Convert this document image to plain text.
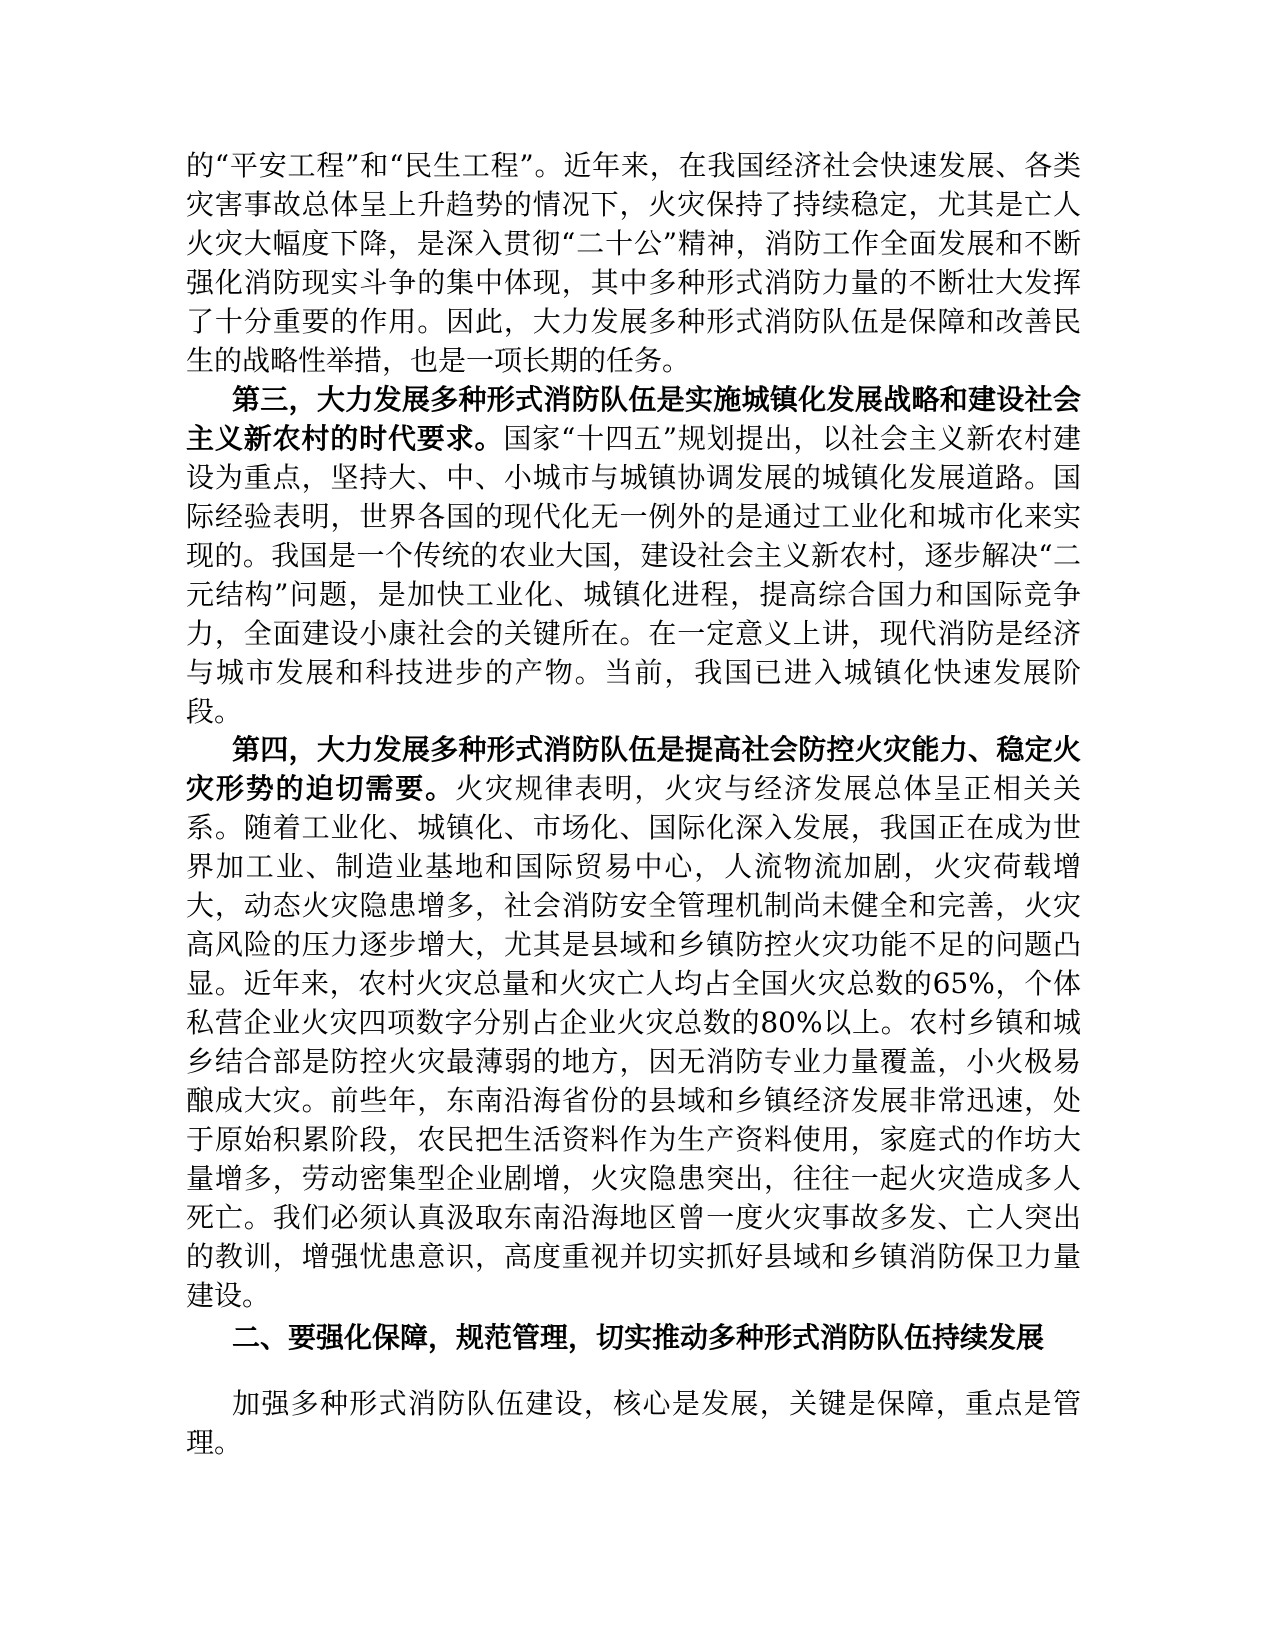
的“平安工程”和“民生工程”。近年来，在我国经济社会快速发展、各类灾害事故总体呈上升趋势的情况下，火灾保持了持续稳定，尤其是亡人火灾大幅度下降，是深入贯彻“二十公”精神，消防工作全面发展和不断强化消防现实斗争的集中体现，其中多种形式消防力量的不断壮大发挥了十分重要的作用。因此，大力发展多种形式消防队伍是保障和改善民生的战略性举措，也是一项长期的任务。

第三，大力发展多种形式消防队伍是实施城镇化发展战略和建设社会主义新农村的时代要求。国家“十四五”规划提出，以社会主义新农村建设为重点，坚持大、中、小城市与城镇协调发展的城镇化发展道路。国际经验表明，世界各国的现代化无一例外的是通过工业化和城市化来实现的。我国是一个传统的农业大国，建设社会主义新农村，逐步解决“二元结构”问题，是加快工业化、城镇化进程，提高综合国力和国际竞争力，全面建设小康社会的关键所在。在一定意义上讲，现代消防是经济与城市发展和科技进步的产物。当前，我国已进入城镇化快速发展阶段。

第四，大力发展多种形式消防队伍是提高社会防控火灾能力、稳定火灾形势的迫切需要。火灾规律表明，火灾与经济发展总体呈正相关关系。随着工业化、城镇化、市场化、国际化深入发展，我国正在成为世界加工业、制造业基地和国际贸易中心，人流物流加剧，火灾荷载增大，动态火灾隐患增多，社会消防安全管理机制尚未健全和完善，火灾高风险的压力逐步增大，尤其是县域和乡镇防控火灾功能不足的问题凸显。近年来，农村火灾总量和火灾亡人均占全国火灾总数的65%，个体私营企业火灾四项数字分别占企业火灾总数的80%以上。农村乡镇和城乡结合部是防控火灾最薄弱的地方，因无消防专业力量覆盖，小火极易酿成大灾。前些年，东南沿海省份的县域和乡镇经济发展非常迅速，处于原始积累阶段，农民把生活资料作为生产资料使用，家庭式的作坊大量增多，劳动密集型企业剧增，火灾隐患突出，往往一起火灾造成多人死亡。我们必须认真汲取东南沿海地区曾一度火灾事故多发、亡人突出的教训，增强忧患意识，高度重视并切实抓好县域和乡镇消防保卫力量建设。

二、要强化保障，规范管理，切实推动多种形式消防队伍持续发展

加强多种形式消防队伍建设，核心是发展，关键是保障，重点是管理。
